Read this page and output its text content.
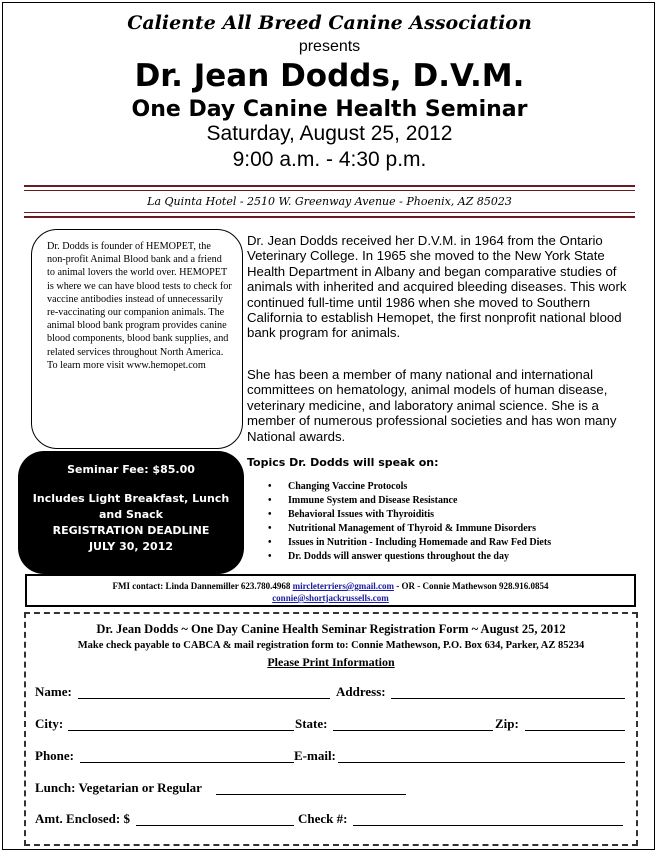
Caliente All Breed Canine Association
presents
Dr. Jean Dodds, D.V.M.
One Day Canine Health Seminar
Saturday, August 25, 2012
9:00 a.m. - 4:30 p.m.
La Quinta Hotel - 2510 W. Greenway Avenue - Phoenix, AZ 85023
Dr. Dodds is founder of HEMOPET, the non-profit Animal Blood bank and a friend to animal lovers the world over. HEMOPET is where we can have blood tests to check for vaccine antibodies instead of unnecessarily re-vaccinating our companion animals. The animal blood bank program provides canine blood components, blood bank supplies, and related services throughout North America. To learn more visit www.hemopet.com
Seminar Fee: $85.00
Includes Light Breakfast, Lunch
and Snack
REGISTRATION DEADLINE
JULY 30, 2012
Dr. Jean Dodds received her D.V.M. in 1964 from the Ontario Veterinary College. In 1965 she moved to the New York State Health Department in Albany and began comparative studies of animals with inherited and acquired bleeding diseases. This work continued full-time until 1986 when she moved to Southern California to establish Hemopet, the first nonprofit national blood bank program for animals.
She has been a member of many national and international committees on hematology, animal models of human disease, veterinary medicine, and laboratory animal science. She is a member of numerous professional societies and has won many National awards.
Topics Dr. Dodds will speak on:
• Changing Vaccine Protocols
• Immune System and Disease Resistance
• Behavioral Issues with Thyroiditis
• Nutritional Management of Thyroid & Immune Disorders
• Issues in Nutrition - Including Homemade and Raw Fed Diets
• Dr. Dodds will answer questions throughout the day
FMI contact: Linda Dannemiller 623.780.4968 mircleterriers@gmail.com - OR - Connie Mathewson 928.916.0854
connie@shortjackrussells.com
Dr. Jean Dodds ~ One Day Canine Health Seminar Registration Form ~ August 25, 2012
Make check payable to CABCA & mail registration form to: Connie Mathewson, P.O. Box 634, Parker, AZ 85234
Please Print Information
Name:	Address:
City:	State:	Zip:
Phone:	E-mail:
Lunch: Vegetarian or Regular
Amt. Enclosed: $	Check #:
